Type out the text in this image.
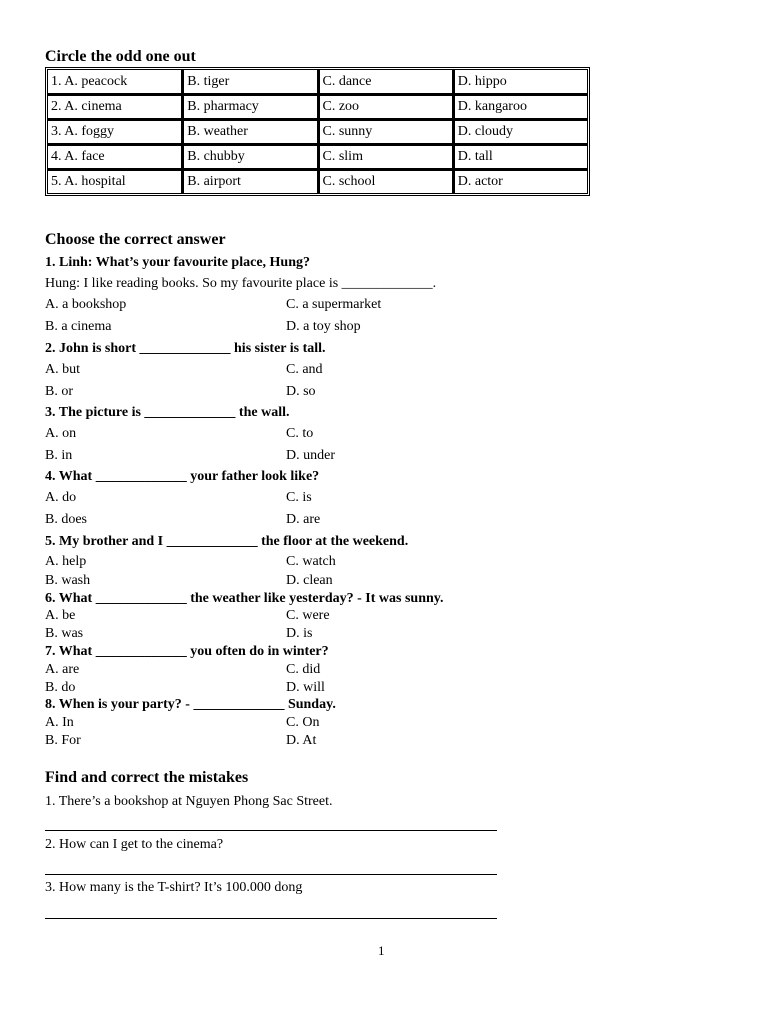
Circle the odd one out
1. A. peacock	B. tiger	C. dance	D. hippo
2. A. cinema	B. pharmacy	C. zoo	D. kangaroo
3. A. foggy	B. weather	C. sunny	D. cloudy
4. A. face	B. chubby	C. slim	D. tall
5. A. hospital	B. airport	C. school	D. actor
Choose the correct answer
1. Linh: What’s your favourite place, Hung?
Hung: I like reading books. So my favourite place is _____________.
A. a bookshop	C. a supermarket
B. a cinema	D. a toy shop
2. John is short _____________ his sister is tall.
A. but	C. and
B. or	D. so
3. The picture is _____________ the wall.
A. on	C. to
B. in	D. under
4. What _____________ your father look like?
A. do	C. is
B. does	D. are
5. My brother and I _____________ the floor at the weekend.
A. help	C. watch
B. wash	D. clean
6. What _____________ the weather like yesterday? - It was sunny.
A. be	C. were
B. was	D. is
7. What _____________ you often do in winter?
A. are	C. did
B. do	D. will
8. When is your party? - _____________ Sunday.
A. In	C. On
B. For	D. At
Find and correct the mistakes
1. There’s a bookshop at Nguyen Phong Sac Street.
2. How can I get to the cinema?
3. How many is the T-shirt? It’s 100.000 dong
1
